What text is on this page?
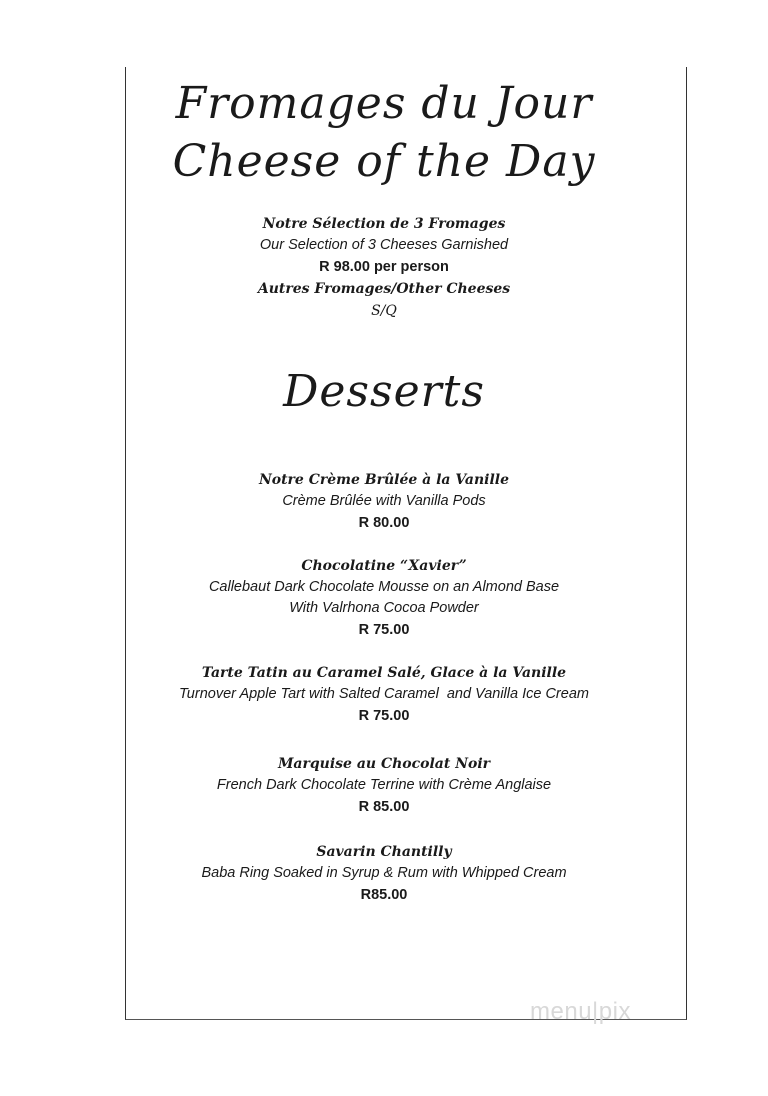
Fromages du Jour
Cheese of the Day
Notre Sélection de 3 Fromages
Our Selection of 3 Cheeses Garnished
R 98.00 per person
Autres Fromages/Other Cheeses
S/Q
Desserts
Notre Crème Brûlée à la Vanille
Crème Brûlée with Vanilla Pods
R 80.00
Chocolatine “Xavier”
Callebaut Dark Chocolate Mousse on an Almond Base
With Valrhona Cocoa Powder
R 75.00
Tarte Tatin au Caramel Salé, Glace à la Vanille
Turnover Apple Tart with Salted Caramel  and Vanilla Ice Cream
R 75.00
Marquise au Chocolat Noir
French Dark Chocolate Terrine with Crème Anglaise
R 85.00
Savarin Chantilly
Baba Ring Soaked in Syrup & Rum with Whipped Cream
R85.00
menu|pix
